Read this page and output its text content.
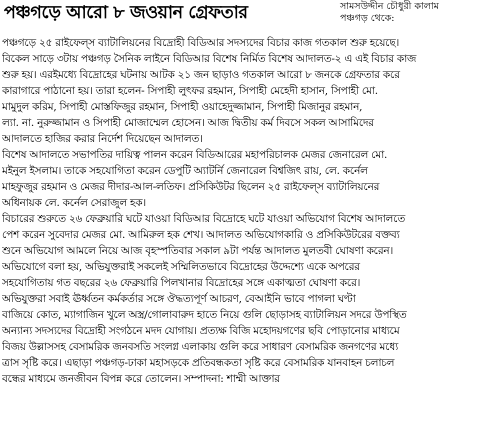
পঞ্চগড়ে আরো ৮ জওয়ান গ্রেফতার	সামসউদ্দীন চৌধুরী কালাম
পঞ্চগড় থেকে:
পঞ্চগড়ে ২৫ রাইফেল্‌স ব্যাটালিয়নের বিদ্রোহী বিডিআর সদস্যদের বিচার কাজ গতকাল শুরু হয়েছে।
বিকেল সাড়ে ৩টায় পঞ্চগড় সৈনিক লাইনে বিডিআর বিশেষ নির্মিত বিশেষ আদালত-২ এ এই বিচার কাজ
শুরু হয়। এরইমধ্যে বিদ্রোহের ঘটনায় আটক ২১ জন ছাড়াও গতকাল আরো ৮ জনকে গ্রেফতার করে
কারাগারে পাঠানো হয়। তারা হলেন- সিপাহী লুৎফর রহমান, সিপাহী মেহেদী হাসান, সিপাহী মো.
মামুদুল করিম, সিপাহী মোস্তফিজুর রহমান, সিপাহী ওয়াহেদুজ্জামান, সিপাহী মিজানুর রহমান,
ল্যা. না. নুরুজ্জামান ও সিপাহী মোজাম্মেল হোসেন। আজ দ্বিতীয় কর্ম দিবসে সকল আসামিদের
আদালতে হাজির করার নির্দেশ দিয়েছেন আদালত।
বিশেষ আদালতে সভাপতির দায়িত্ব পালন করেন বিডিআরের মহাপরিচালক মেজর জেনারেল মো.
মইনুল ইসলাম। তাকে সহযোগিতা করেন ডেপুটি অ্যাটর্নি জেনারেল বিশ্বজিৎ রায়, লে. কর্নেল
মাহফুজুর রহমান ও মেজর দীদার-আল-লতিফ। প্রসিকিউটর ছিলেন ২৫ রাইফেল্‌স ব্যাটালিয়নের
অধিনায়ক লে. কর্নেল সেরাজুল হক।
বিচারের শুরুতে ২৬ ফেব্রুয়ারি ঘটে যাওয়া বিডিআর বিদ্রোহে ঘটে যাওয়া অভিযোগ বিশেষ আদালতে
পেশ করেন সুবেদার মেজর মো. আমিরুল হক শেখ। আদালত অভিযোগকারি ও প্রসিকিউটরের বক্তব্য
শুনে অভিযোগ আমলে নিয়ে আজ বৃহস্পতিবার সকাল ৯টা পর্যন্ত আদালত মুলতবী ঘোষণা করেন।
অভিযোগে বলা হয়, অভিযুক্তরাই সকলেই সম্মিলিতভাবে বিদ্রোহের উদ্দেশ্যে একে অপরের
সহযোগিতায় গত বছরের ২৬ ফেব্রুয়ারি পিলখানার বিদ্রোহের সঙ্গে একাত্মতা ঘোষণা করে।
অভিযুক্তরা সবাই ঊর্ধ্বতন কর্মকর্তার সঙ্গে ঔদ্ধত্যপূর্ণ আচরণ, বেআইনি ভাবে পাগলা ঘণ্টা
বাজিয়ে কোত, ম্যাগাজিন খুলে অস্ত্র/গোলাবারুদ হাতে নিয়ে গুলি ছোড়াসহ ব্যাটালিয়ন সদরে উপস্থিত
অন্যান্য সদস্যদের বিদ্রোহী সংগঠনে মদদ যোগায়। প্রত্যক্ষ বিজি মহোদয়গণের ছবি পোড়ানোর মাধ্যমে
বিজয় উল্লাসসহ বেসামরিক জনবসতি সংলগ্ন এলাকায় গুলি করে সাধারণ বেসামরিক জনগণের মধ্যে
ত্রাস সৃষ্টি করে। এছাড়া পঞ্চগড়-ঢাকা মহাসড়কে প্রতিবন্ধকতা সৃষ্টি করে বেসামরিক যানবাহন চলাচল
বন্ধের মাধ্যমে জনজীবন বিপন্ন করে তোলেন। সম্পাদনা: শাম্মী আক্তার
